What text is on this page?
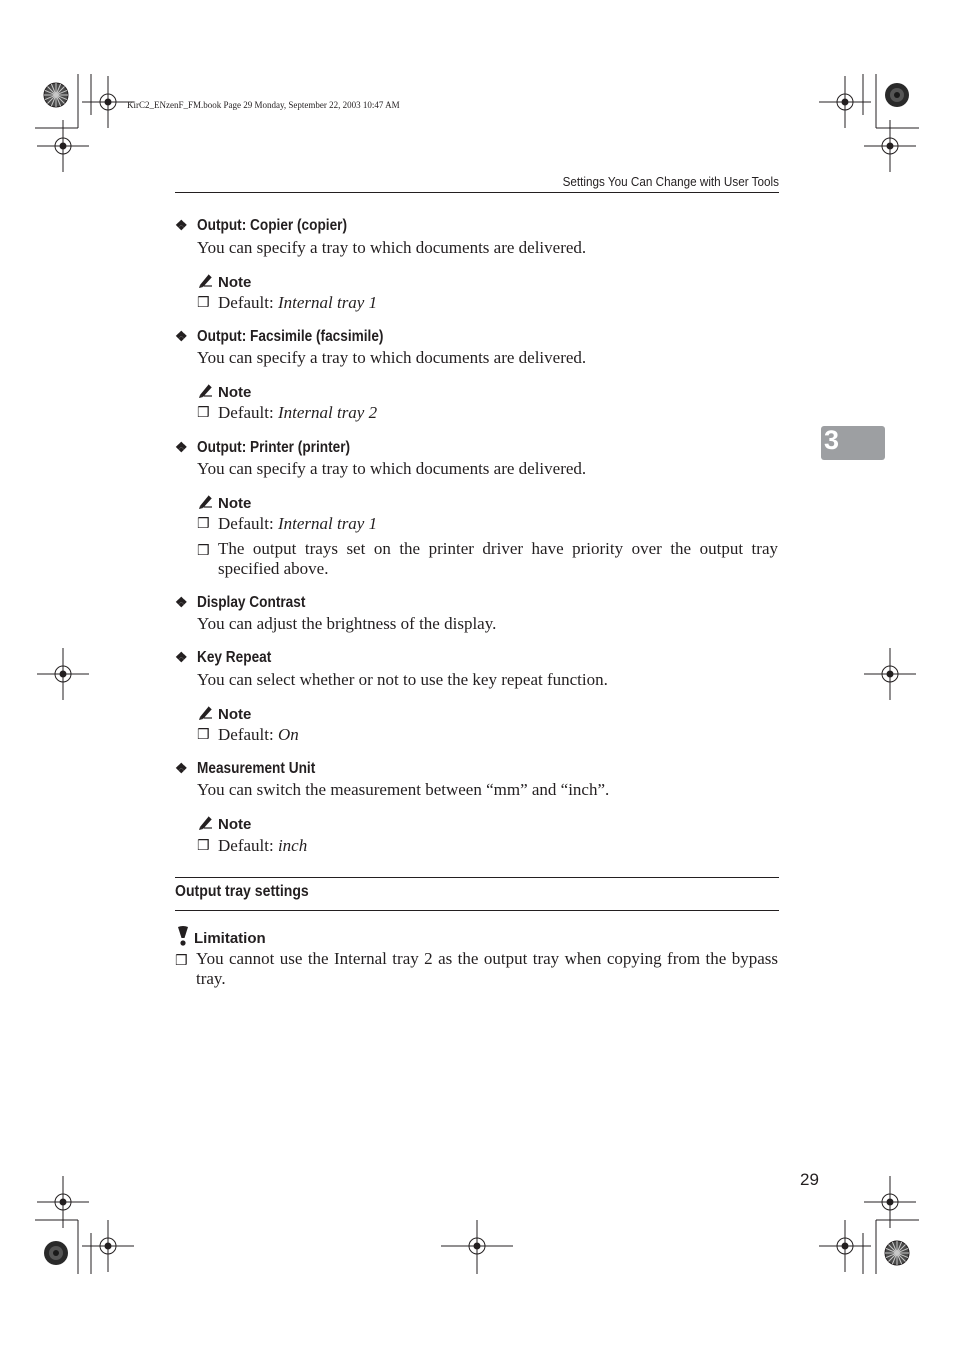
KirC2_ENzenF_FM.book Page 29 Monday, September 22, 2003 10:47 AM
Settings You Can Change with User Tools
❖ Output: Copier (copier)
You can specify a tray to which documents are delivered.
Note
❒ Default: Internal tray 1
❖ Output: Facsimile (facsimile)
You can specify a tray to which documents are delivered.
Note
❒ Default: Internal tray 2
❖ Output: Printer (printer)
You can specify a tray to which documents are delivered.
Note
❒ Default: Internal tray 1
❒ The output trays set on the printer driver have priority over the output tray specified above.
❖ Display Contrast
You can adjust the brightness of the display.
❖ Key Repeat
You can select whether or not to use the key repeat function.
Note
❒ Default: On
❖ Measurement Unit
You can switch the measurement between “mm” and “inch”.
Note
❒ Default: inch
Output tray settings
Limitation
❒ You cannot use the Internal tray 2 as the output tray when copying from the bypass tray.
3
29
